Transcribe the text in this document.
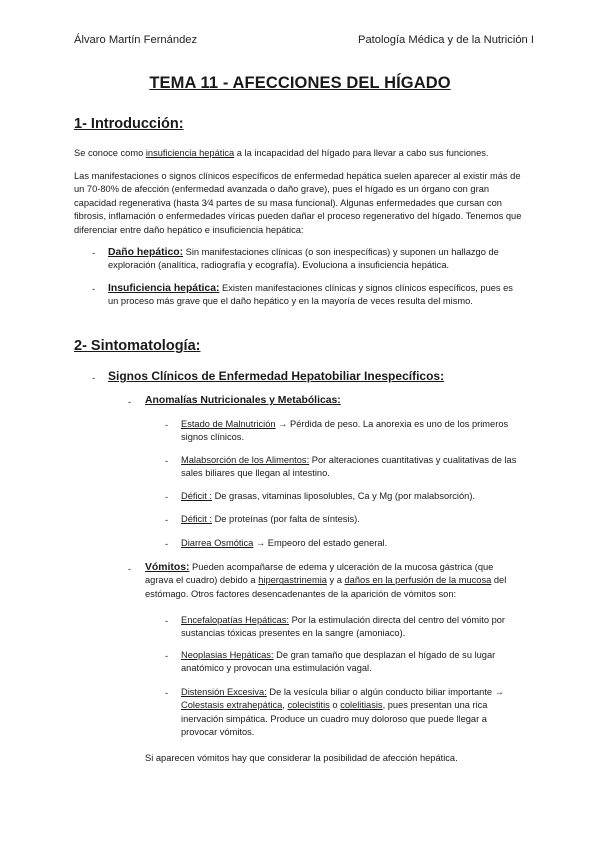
Álvaro Martín Fernández	Patología Médica y de la Nutrición I
TEMA 11 - AFECCIONES DEL HÍGADO
1- Introducción:
Se conoce como insuficiencia hepática a la incapacidad del hígado para llevar a cabo sus funciones.
Las manifestaciones o signos clínicos específicos de enfermedad hepática suelen aparecer al existir más de un 70-80% de afección (enfermedad avanzada o daño grave), pues el hígado es un órgano con gran capacidad regenerativa (hasta 3⁄4 partes de su masa funcional). Algunas enfermedades que cursan con fibrosis, inflamación o enfermedades víricas pueden dañar el proceso regenerativo del hígado. Tenemos que diferenciar entre daño hepático e insuficiencia hepática:
- Daño hepático: Sin manifestaciones clínicas (o son inespecíficas) y suponen un hallazgo de exploración (analítica, radiografía y ecografía). Evoluciona a insuficiencia hepática.
- Insuficiencia hepática: Existen manifestaciones clínicas y signos clínicos específicos, pues es un proceso más grave que el daño hepático y en la mayoría de veces resulta del mismo.
2- Sintomatología:
- Signos Clínicos de Enfermedad Hepatobiliar Inespecíficos:
- Anomalías Nutricionales y Metabólicas:
- Estado de Malnutrición → Pérdida de peso. La anorexia es uno de los primeros signos clínicos.
- Malabsorción de los Alimentos: Por alteraciones cuantitativas y cualitativas de las sales biliares que llegan al intestino.
- Déficit : De grasas, vitaminas liposolubles, Ca y Mg (por malabsorción).
- Déficit : De proteínas (por falta de síntesis).
- Diarrea Osmótica → Empeoro del estado general.
- Vómitos: Pueden acompañarse de edema y ulceración de la mucosa gástrica (que agrava el cuadro) debido a hipergastrinemia y a daños en la perfusión de la mucosa del estómago. Otros factores desencadenantes de la aparición de vómitos son:
- Encefalopatías Hepáticas: Por la estimulación directa del centro del vómito por sustancias tóxicas presentes en la sangre (amoniaco).
- Neoplasias Hepáticas: De gran tamaño que desplazan el hígado de su lugar anatómico y provocan una estimulación vagal.
- Distensión Excesiva: De la vesícula biliar o algún conducto biliar importante → Colestasis extrahepática, colecistitis o colelitiasis, pues presentan una rica inervación simpática. Produce un cuadro muy doloroso que puede llegar a provocar vómitos.
Si aparecen vómitos hay que considerar la posibilidad de afección hepática.
